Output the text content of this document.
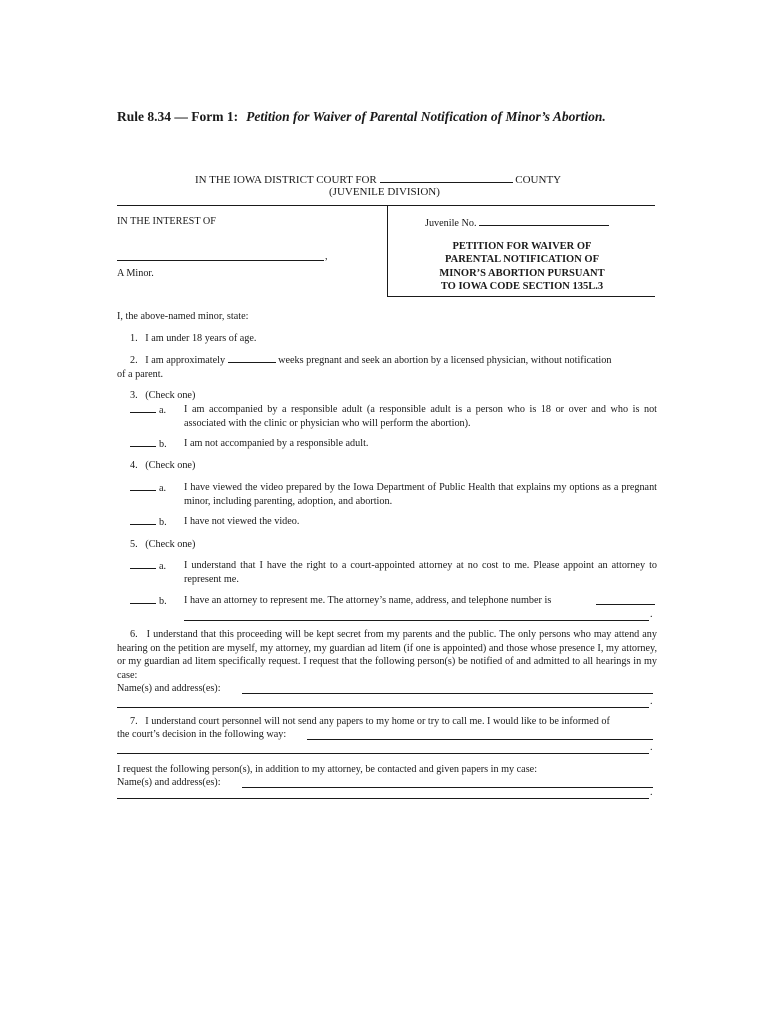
Rule 8.34 — Form 1: Petition for Waiver of Parental Notification of Minor’s Abortion.
IN THE IOWA DISTRICT COURT FOR	COUNTY
(JUVENILE DIVISION)
IN THE INTEREST OF	Juvenile No.
PETITION FOR WAIVER OF
PARENTAL NOTIFICATION OF
MINOR’S ABORTION PURSUANT
TO IOWA CODE SECTION 135L.3
,
A Minor.
I, the above-named minor, state:
1.   I am under 18 years of age.
2.   I am approximately	weeks pregnant and seek an abortion by a licensed physician, without notification
of a parent.
3.   (Check one)
a. I am accompanied by a responsible adult (a responsible adult is a person who is 18 or over and who is not associated with the clinic or physician who will perform the abortion).
b. I am not accompanied by a responsible adult.
4.   (Check one)
a. I have viewed the video prepared by the Iowa Department of Public Health that explains my options as a pregnant minor, including parenting, adoption, and abortion.
b. I have not viewed the video.
5.   (Check one)
a. I understand that I have the right to a court-appointed attorney at no cost to me. Please appoint an attorney to represent me.
b. I have an attorney to represent me. The attorney’s name, address, and telephone number is
.
6.   I understand that this proceeding will be kept secret from my parents and the public. The only persons who may attend any hearing on the petition are myself, my attorney, my guardian ad litem (if one is appointed) and those whose presence I, my attorney, or my guardian ad litem specifically request. I request that the following person(s) be notified of and admitted to all hearings in my case:
Name(s) and address(es):
.
7.   I understand court personnel will not send any papers to my home or try to call me. I would like to be informed of
the court’s decision in the following way:
.
I request the following person(s), in addition to my attorney, be contacted and given papers in my case:
Name(s) and address(es):
.
